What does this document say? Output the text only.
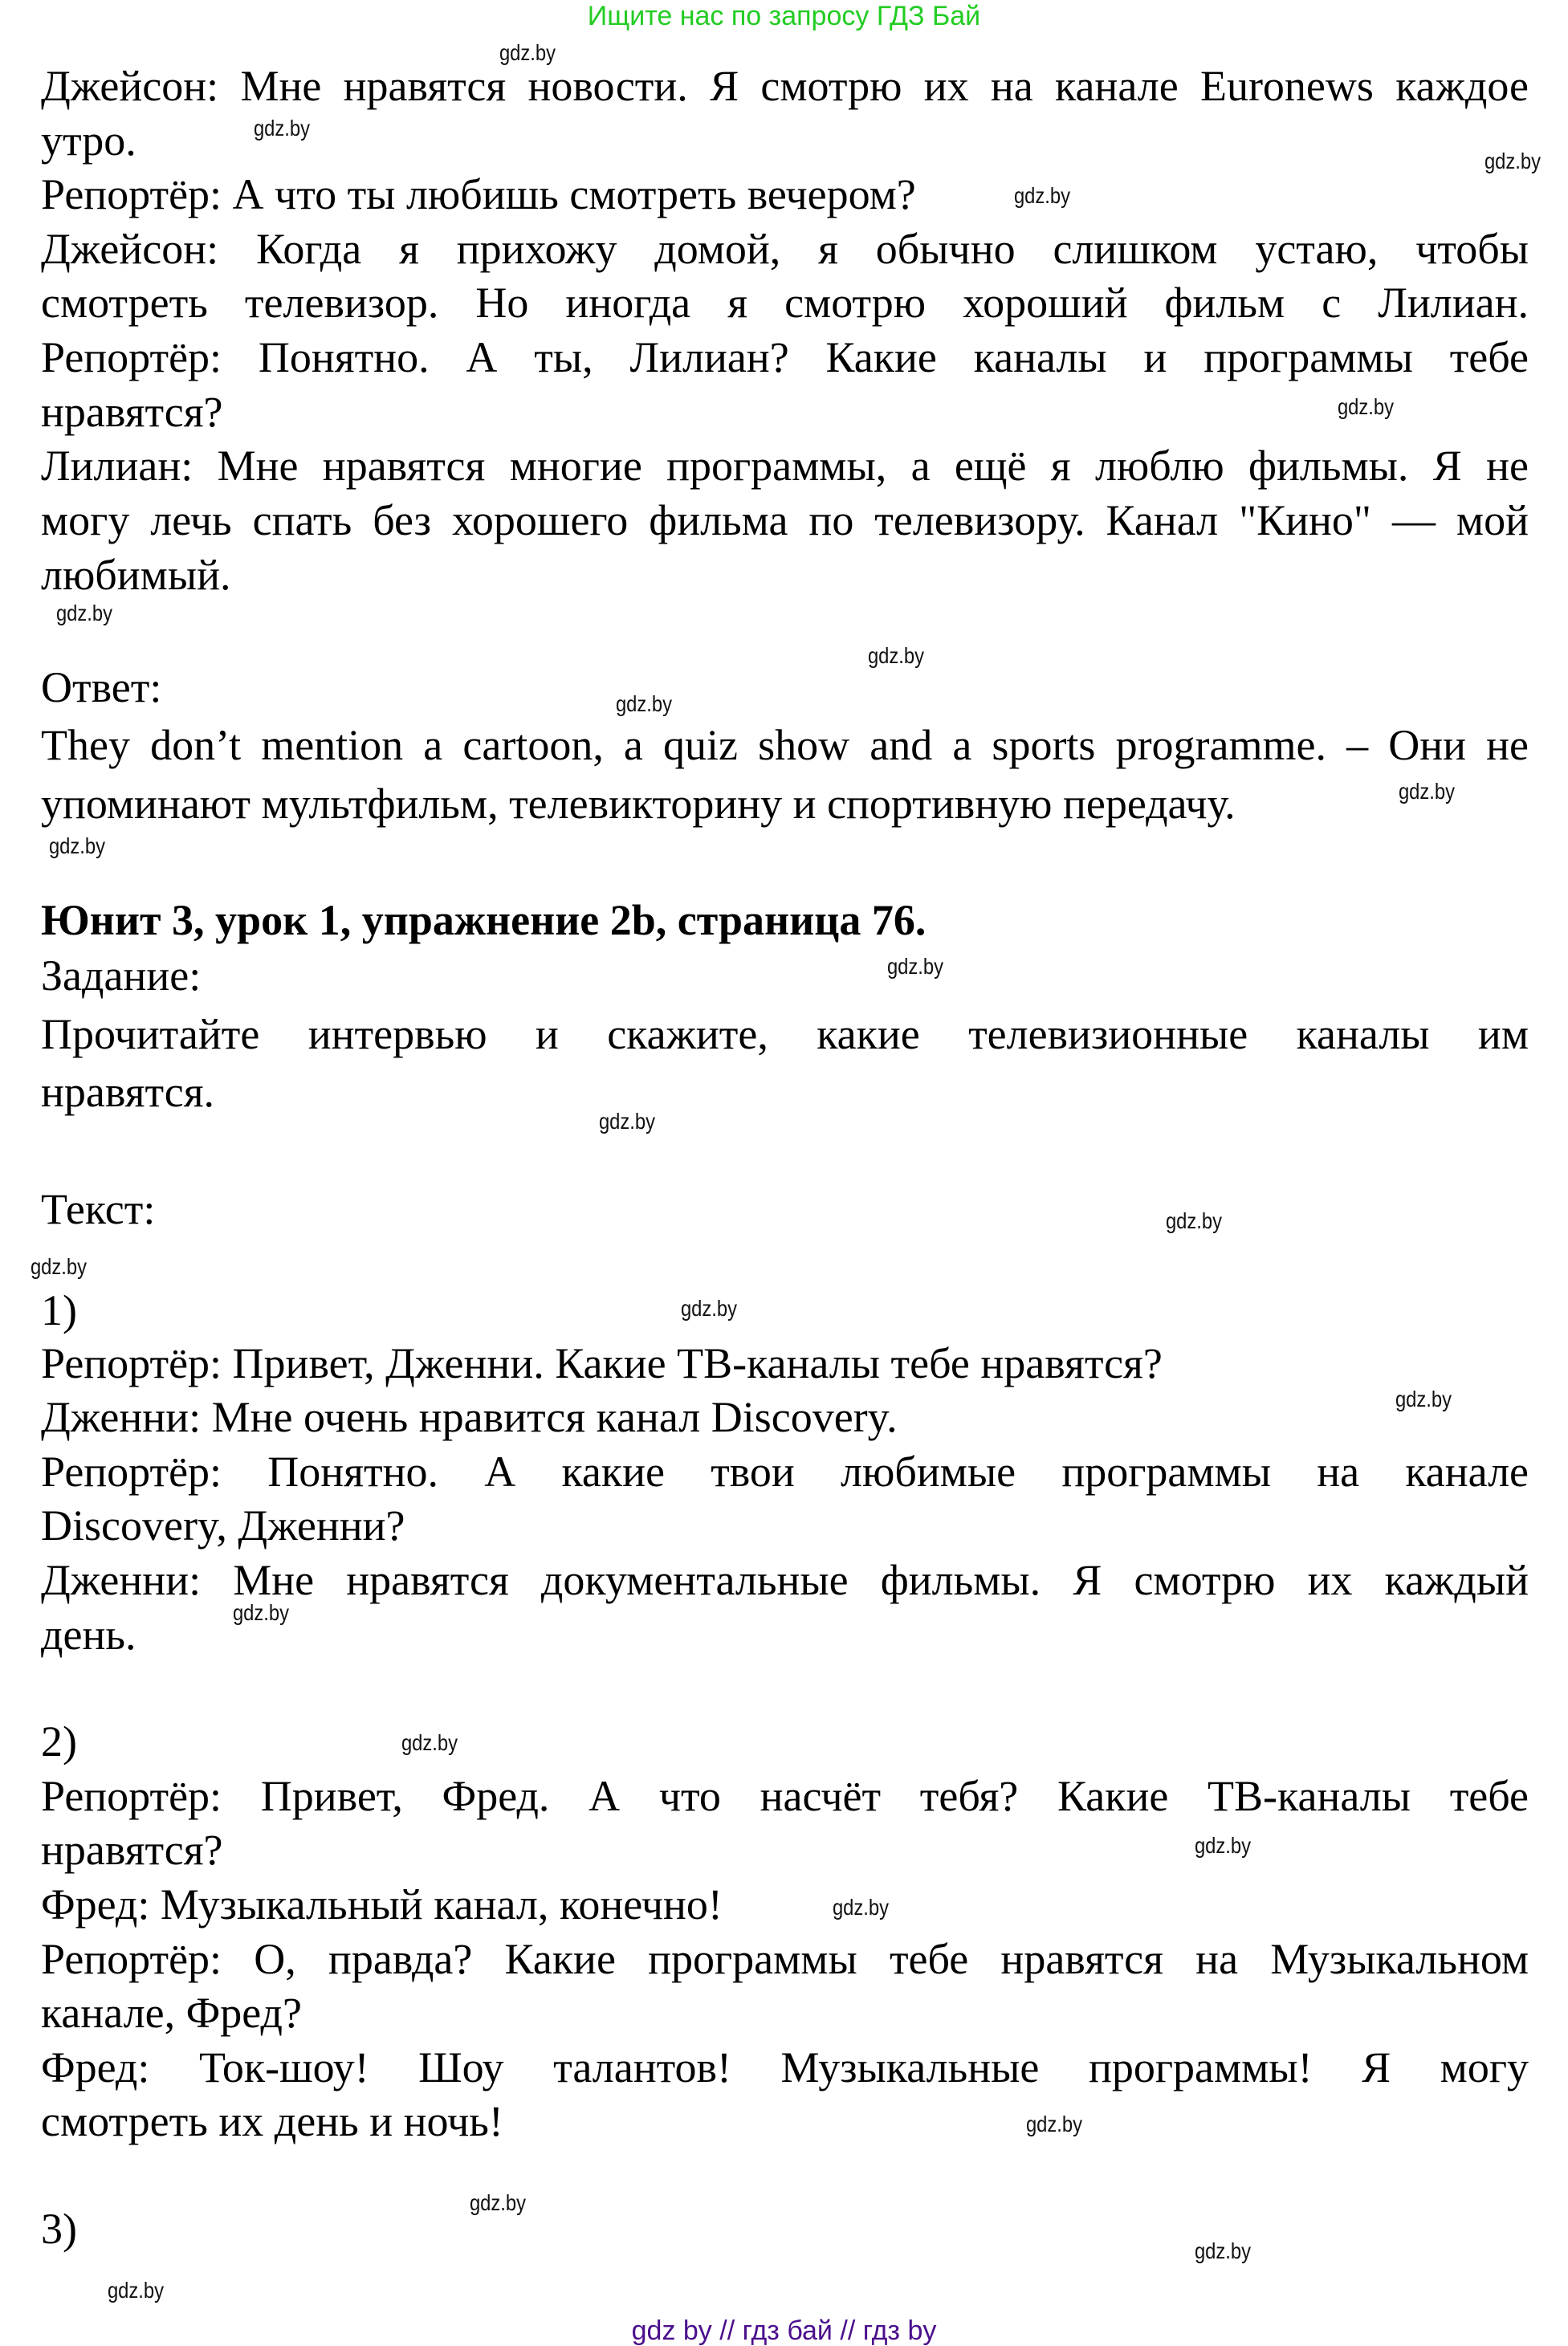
Ищите нас по запросу ГДЗ Бай
Джейсон: Мне нравятся новости. Я смотрю их на канале Euronews каждое
утро.
Репортёр: А что ты любишь смотреть вечером?
Джейсон: Когда я прихожу домой, я обычно слишком устаю, чтобы
смотреть телевизор. Но иногда я смотрю хороший фильм с Лилиан.
Репортёр: Понятно. А ты, Лилиан? Какие каналы и программы тебе
нравятся?
Лилиан: Мне нравятся многие программы, а ещё я люблю фильмы. Я не
могу лечь спать без хорошего фильма по телевизору. Канал "Кино" — мой
любимый.
Ответ:
They don’t mention a cartoon, a quiz show and a sports programme. – Они не
упоминают мультфильм, телевикторину и спортивную передачу.
Юнит 3, урок 1, упражнение 2b, страница 76.
Задание:
Прочитайте интервью и скажите, какие телевизионные каналы им
нравятся.
Текст:
1)
Репортёр: Привет, Дженни. Какие ТВ-каналы тебе нравятся?
Дженни: Мне очень нравится канал Discovery.
Репортёр: Понятно. А какие твои любимые программы на канале
Discovery, Дженни?
Дженни: Мне нравятся документальные фильмы. Я смотрю их каждый
день.
2)
Репортёр: Привет, Фред. А что насчёт тебя? Какие ТВ-каналы тебе
нравятся?
Фред: Музыкальный канал, конечно!
Репортёр: О, правда? Какие программы тебе нравятся на Музыкальном
канале, Фред?
Фред: Ток-шоу! Шоу талантов! Музыкальные программы! Я могу
смотреть их день и ночь!
3)
gdz.by
gdz.by
gdz.by
gdz.by
gdz.by
gdz.by
gdz.by
gdz.by
gdz.by
gdz.by
gdz.by
gdz.by
gdz.by
gdz.by
gdz.by
gdz.by
gdz.by
gdz.by
gdz.by
gdz.by
gdz.by
gdz.by
gdz.by
gdz.by
gdz by // гдз бай // гдз by
